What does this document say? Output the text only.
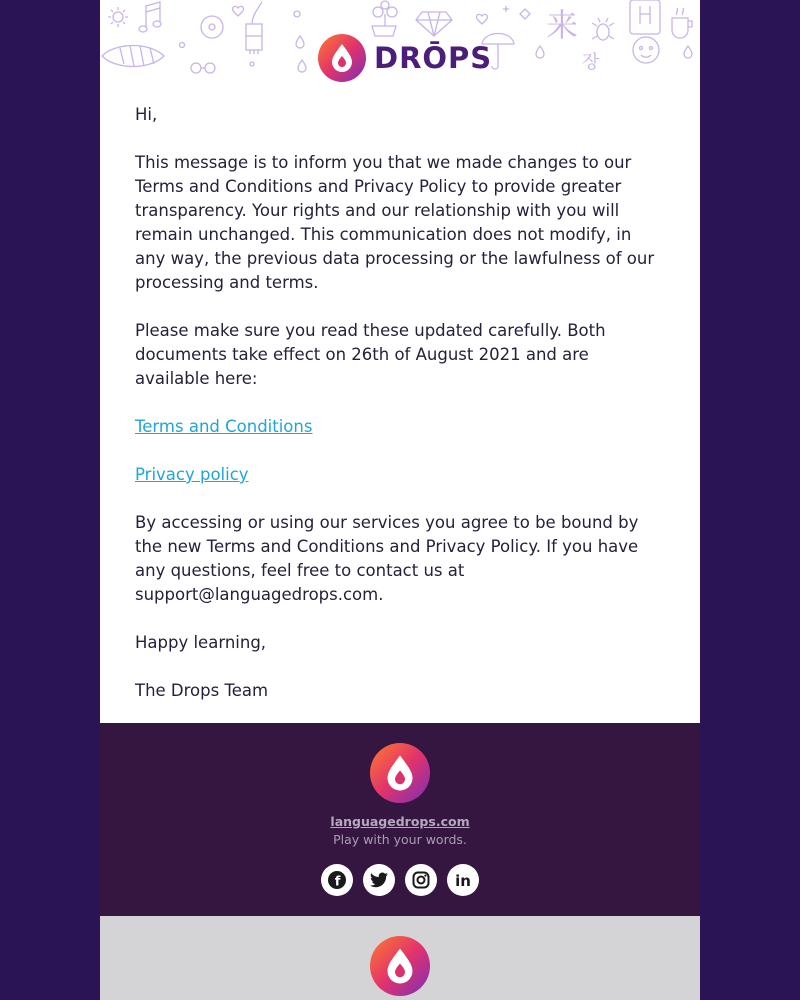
来
장
DRŌPS

Hi,

This message is to inform you that we made changes to our Terms and Conditions and Privacy Policy to provide greater transparency. Your rights and our relationship with you will remain unchanged. This communication does not modify, in any way, the previous data processing or the lawfulness of our processing and terms.

Please make sure you read these updated carefully. Both documents take effect on 26th of August 2021 and are available here:

Terms and Conditions

Privacy policy

By accessing or using our services you agree to be bound by the new Terms and Conditions and Privacy Policy. If you have any questions, feel free to contact us at support@languagedrops.com.

Happy learning,

The Drops Team

languagedrops.com
Play with your words.
f	in
